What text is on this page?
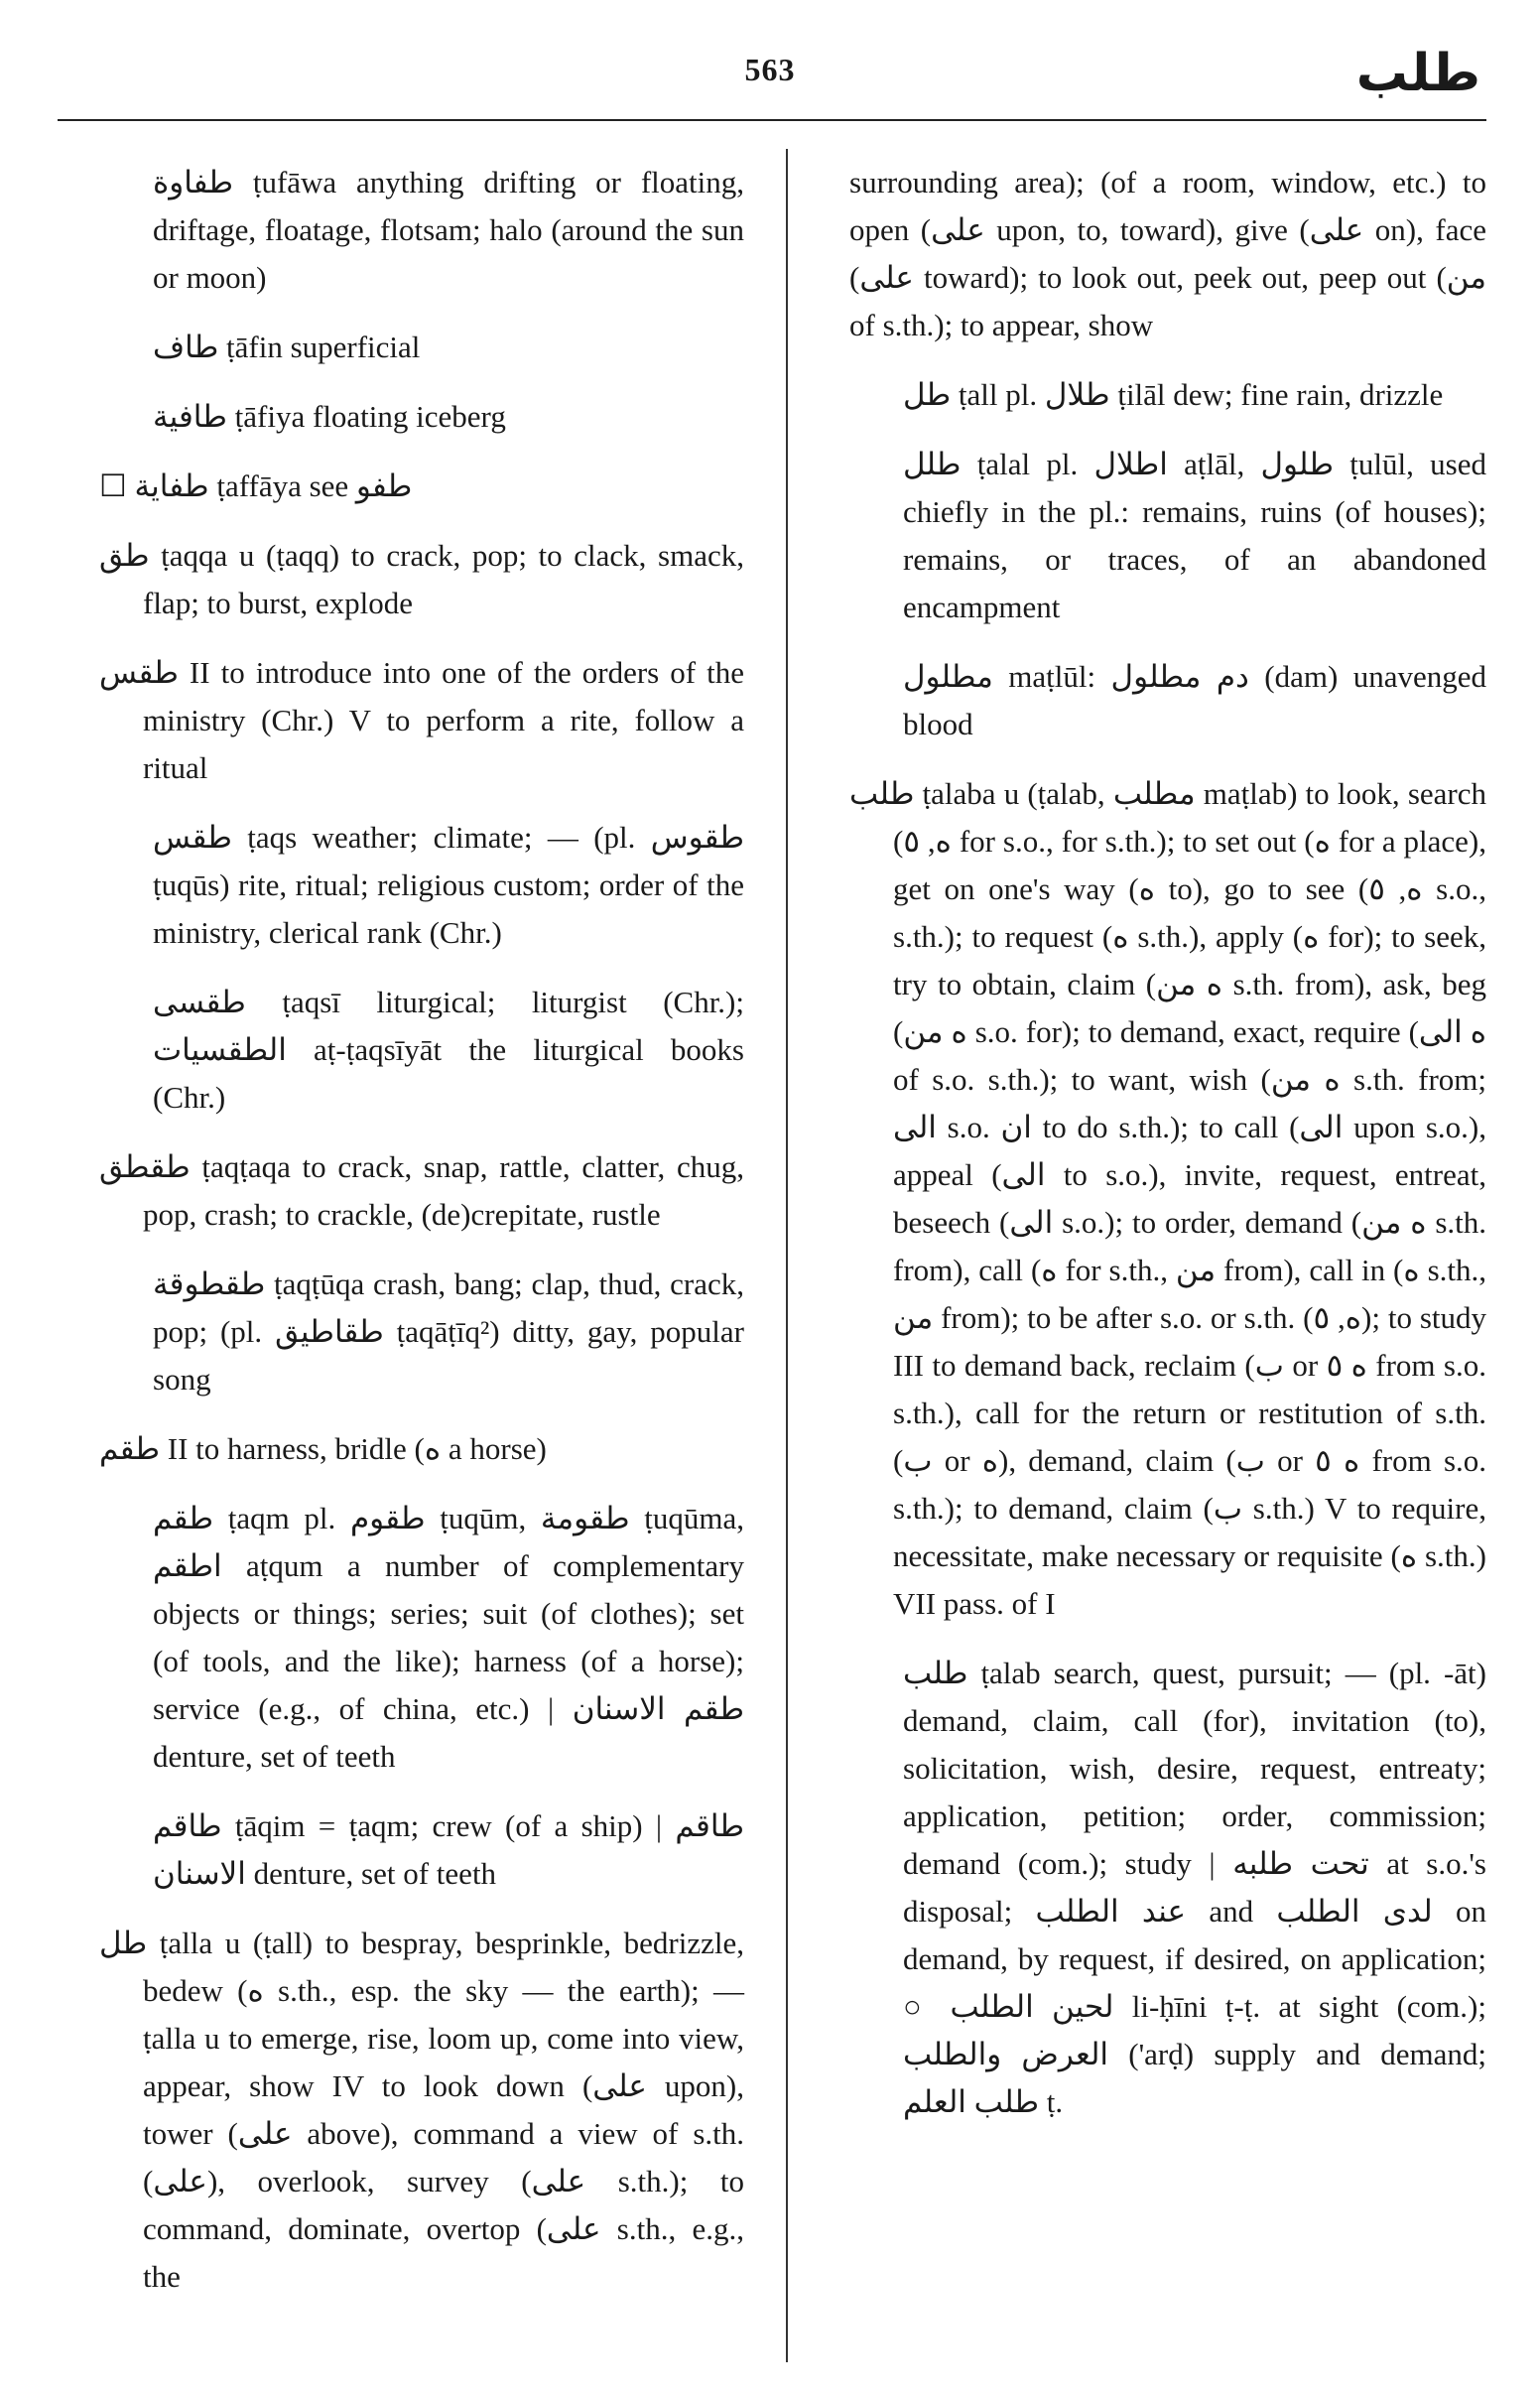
563	طلب
طفاوة ṭufāwa anything drifting or floating, driftage, floatage, flotsam; halo (around the sun or moon)
طاف ṭāfin superficial
طافية ṭāfiya floating iceberg
☐ طفاية ṭaffāya see طفو
طق ṭaqqa u (ṭaqq) to crack, pop; to clack, smack, flap; to burst, explode
طقس II to introduce into one of the orders of the ministry (Chr.) V to perform a rite, follow a ritual
طقس ṭaqs weather; climate; — (pl. طقوس ṭuqūs) rite, ritual; religious custom; order of the ministry, clerical rank (Chr.)
طقسى ṭaqsī liturgical; liturgist (Chr.); الطقسيات aṭ-ṭaqsīyāt the liturgical books (Chr.)
طقطق ṭaqṭaqa to crack, snap, rattle, clatter, chug, pop, crash; to crackle, (de)crepitate, rustle
طقطوقة ṭaqṭūqa crash, bang; clap, thud, crack, pop; (pl. طقاطيق ṭaqāṭīq²) ditty, gay, popular song
طقم II to harness, bridle (ه a horse)
طقم ṭaqm pl. طقوم ṭuqūm, طقومة ṭuqūma, اطقم aṭqum a number of complementary objects or things; series; suit (of clothes); set (of tools, and the like); harness (of a horse); service (e.g., of china, etc.) | طقم الاسنان denture, set of teeth
طاقم ṭāqim = ṭaqm; crew (of a ship) | طاقم الاسنان denture, set of teeth
طل ṭalla u (ṭall) to bespray, besprinkle, bedrizzle, bedew (ه s.th., esp. the sky — the earth); — ṭalla u to emerge, rise, loom up, come into view, appear, show IV to look down (على upon), tower (على above), command a view of s.th. (على), overlook, survey (على s.th.); to command, dominate, overtop (على s.th., e.g., the
surrounding area); (of a room, window, etc.) to open (على upon, to, toward), give (على on), face (على toward); to look out, peek out, peep out (من of s.th.); to appear, show
طل ṭall pl. طلال ṭilāl dew; fine rain, drizzle
طلل ṭalal pl. اطلال aṭlāl, طلول ṭulūl, used chiefly in the pl.: remains, ruins (of houses); remains, or traces, of an abandoned encampment
مطلول maṭlūl: دم مطلول (dam) unavenged blood
طلب ṭalaba u (ṭalab, مطلب maṭlab) to look, search (ه, ٥ for s.o., for s.th.); to set out (ه for a place), get on one's way (ه to), go to see (ه, ٥ s.o., s.th.); to request (ه s.th.), apply (ه for); to seek, try to obtain, claim (ه من s.th. from), ask, beg (ه من s.o. for); to demand, exact, require (ه الى of s.o. s.th.); to want, wish (ه من s.th. from; الى s.o. ان to do s.th.); to call (الى upon s.o.), appeal (الى to s.o.), invite, request, entreat, beseech (الى s.o.); to order, demand (ه من s.th. from), call (ه for s.th., من from), call in (ه s.th., من from); to be after s.o. or s.th. (ه, ٥); to study III to demand back, reclaim (ب or ه ٥ from s.o. s.th.), call for the return or restitution of s.th. (ب or ه), demand, claim (ب or ه ٥ from s.o. s.th.); to demand, claim (ب s.th.) V to require, necessitate, make necessary or requisite (ه s.th.) VII pass. of I
طلب ṭalab search, quest, pursuit; — (pl. -āt) demand, claim, call (for), invitation (to), solicitation, wish, desire, request, entreaty; application, petition; order, commission; demand (com.); study | تحت طلبه at s.o.'s disposal; عند الطلب and لدى الطلب on demand, by request, if desired, on application; ○ لحين الطلب li-ḥīni ṭ-ṭ. at sight (com.); العرض والطلب ('arḍ) supply and demand; طلب العلم ṭ.
